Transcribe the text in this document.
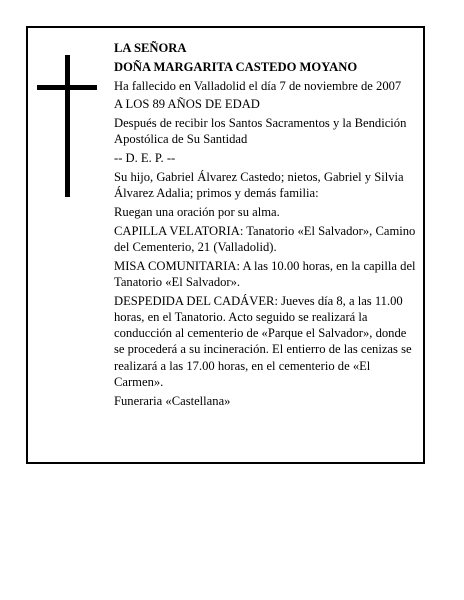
LA SEÑORA

DOÑA MARGARITA CASTEDO MOYANO

Ha fallecido en Valladolid el día 7 de noviembre de 2007

A LOS 89 AÑOS DE EDAD

Después de recibir los Santos Sacramentos y la Bendición Apostólica de Su Santidad

-- D. E. P. --

Su hijo, Gabriel Álvarez Castedo; nietos, Gabriel y Silvia Álvarez Adalia; primos y demás familia:

Ruegan una oración por su alma.

CAPILLA VELATORIA: Tanatorio «El Salvador», Camino del Cementerio, 21 (Valladolid).

MISA COMUNITARIA: A las 10.00 horas, en la capilla del Tanatorio «El Salvador».

DESPEDIDA DEL CADÁVER: Jueves día 8, a las 11.00 horas, en el Tanatorio. Acto seguido se realizará la conducción al cementerio de «Parque el Salvador», donde se procederá a su incineración. El entierro de las cenizas se realizará a las 17.00 horas, en el cementerio de «El Carmen».

Funeraria «Castellana»
